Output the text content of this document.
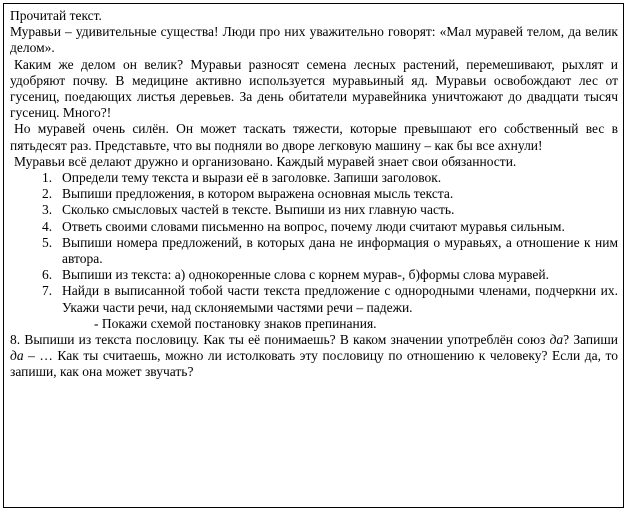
Прочитай текст.

Муравьи – удивительные существа! Люди про них уважительно говорят: «Мал муравей телом, да велик делом».

Каким же делом он велик? Муравьи разносят семена лесных растений, перемешивают, рыхлят и удобряют почву. В медицине активно используется муравьиный яд. Муравьи освобождают лес от гусениц, поедающих листья деревьев. За день обитатели муравейника уничтожают до двадцати тысяч гусениц. Много?!

Но муравей очень силён. Он может таскать тяжести, которые превышают его собственный вес в пятьдесят раз. Представьте, что вы подняли во дворе легковую машину – как бы все ахнули!

Муравьи всё делают дружно и организовано. Каждый муравей знает свои обязанности.

1. Определи тему текста и вырази её в заголовке. Запиши заголовок.
2. Выпиши предложения, в котором выражена основная мысль текста.
3. Сколько смысловых частей в тексте. Выпиши из них главную часть.
4. Ответь своими словами письменно на вопрос, почему люди считают муравья сильным.
5. Выпиши номера предложений, в которых дана не информация о муравьях, а отношение к ним автора.
6. Выпиши из текста: а) однокоренные слова с корнем мурав-, б)формы слова муравей.
7. Найди в выписанной тобой части текста предложение с однородными членами, подчеркни их. Укажи части речи, над склоняемыми частями речи – падежи.

- Покажи схемой постановку знаков препинания.

8. Выпиши из текста пословицу. Как ты её понимаешь? В каком значении употреблён союз да? Запиши да – … Как ты считаешь, можно ли истолковать эту пословицу по отношению к человеку? Если да, то запиши, как она может звучать?
